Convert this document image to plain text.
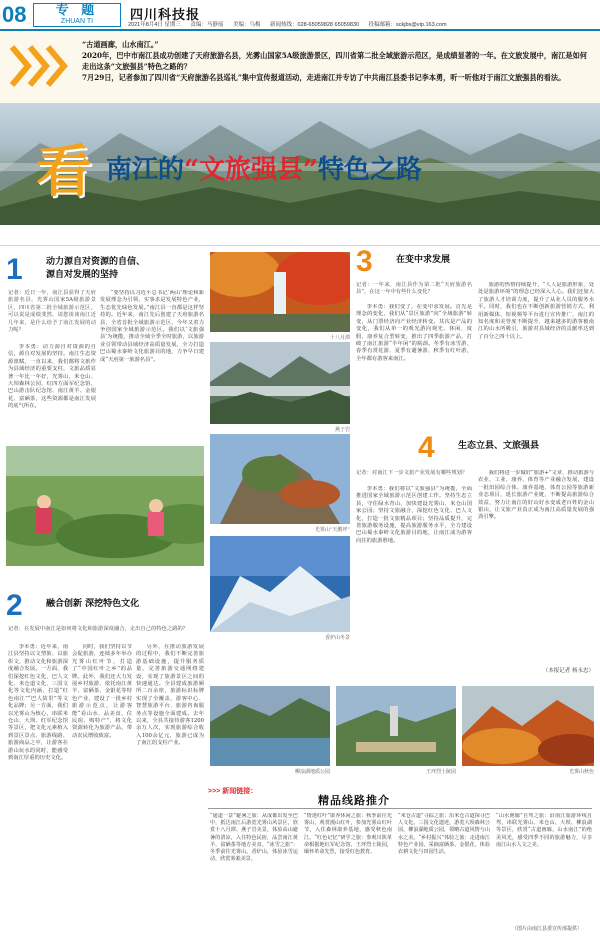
08	专 题
ZHUAN TI	四川科技报
2021年8月4日 星期三 责编：马静瑶 美编：乌梅 新闻热线：028-65059828 65059830 投稿邮箱：sckjbs@vip.163.com

“古道画廊，山水南江。”

2020年，巴中市南江县成功创建了天府旅游名县，光雾山国家5A级旅游景区，四川省第二批全域旅游示范区，是成绩显著的一年。在文旅发展中，南江是如何走出这条“文旅强县”特色之路的？

7月29日，记者参加了四川省“天府旅游名县巡礼”集中宣传报道活动，走进南江并专访了中共南江县委书记李本勇，听一听他对于南江文旅强县的看法。

看 南江的“文旅强县”特色之路
1	动力源自对资源的自信、
源自对发展的坚持
记者：近日一年，南江县获得了天府旅游名县，光雾山国家5A级旅游景区，四川省第二批全域旅游示范区，可以说是成绩斐然，请您谈谈南江近几年来，是什么给予了南江发展的动力呢？

李本勇：动力源自对资源的自信，源自对发展的坚持。南江生态资源禀赋，一直以来，我们都将文旅作为县域经济的重要支柱，文旅品质显著一年比一年好，光雾山、米仓山、大坝森林公园、红四方面军纪念馆、巴山游击队纪念馆、南江黄羊、金银花、富硒茶，这些资源都是南江发展的底气所在。

“要坚持以习近平总书记‘两山’理论和新发展理念为引领，实事求是发展特色产业，生态优先绿色发展。”南江县一直都是这样坚持的。近年来，南江先后创建了天府旅游名县、全省首批全域旅游示范区，今年又着力争创国家全域旅游示范区。我们以‘文旅强县’为统揽，推动全域全季全时旅游，以旅游业引领带动县域经济高质量发展，全力打造巴山蜀水秦岭文化旅游目的地，力争早日建成“天府第一旅游名县”。

2	融合创新 深挖特色文化
记者：在发展中南江是如何将文化和旅游深度融合，走出自己的特色之路的？

李本勇：近年来，南江县坚持以文塑旅、以旅彰文，推动文化和旅游深度融合发展。一方面，我们深挖红色文化、巴人文化、米仓道文化、三国文化等文化内涵，打造“红色南江”“巴人故里”等文化品牌；另一方面，我们以光雾山为核心，串联米仓山、大坝、红军纪念馆等景区，把文化元素植入到景区景点、旅游线路、旅游商品之中，让游客在游山玩水的同时，能感受到南江厚重的历史文化。

同时，我们坚持以节会促旅游，连续多年举办光雾山红叶节，打造了“中国红叶之乡”的品牌。此外，我们还大力发展乡村旅游，依托南江黄羊、富硒茶、金银花等特色产业，建设了一批乡村旅游示范点，让游客能“看山水、品美食、住民宿、购特产”，将文化资源转化为旅游产品，带动农民增收致富。

另外，在推动旅游发展的过程中，我们不断完善旅游基础设施，提升服务质量，完善旅游交通网络建设，实现了旅游景区之间的快速通达。全县建成旅游厕所二百余座，旅游标识标牌实现了全覆盖，游客中心、智慧旅游平台、旅游咨询服务点等设施全面建成。去年以来，全县共接待游客1200余万人次，实现旅游综合收入100余亿元，旅游已成为了南江的支柱产业。

十八月潭
燕子岩
光雾山“天鹅坪”
香炉山冬景
柳浪湖地质公园	王坪烈士陵园	光雾山秋色
3	在变中求发展
记者：一年来，南江县作为第二批“天府旅游名县”，在这一年中有些什么变化？

李本勇：我们变了，在变中求发展。首先是理念的变化，我们从“景区旅游”向“全域旅游”转变，从门票经济向产业经济转变。其次是产品的变化，我们从单一的观光游向观光、休闲、度假、康养复合型转变，推出了四季旅游产品，打破了南江旅游“半年闲”的瓶颈。冬季有冰雪游、春季有赏花游、夏季有避暑游、秋季有红叶游，全年都有游客来南江。

旅游的热情持续提升，“人人是旅游形象，处处是旅游环境”的理念已经深入人心。我们还加大了旅游人才培训力度，提升了从业人员的服务水平。同时，我们也在不断创新旅游营销方式，利用新媒体、短视频等平台进行宣传推广，南江的知名度和美誉度不断提升，越来越多的游客被南江的山水所吸引，旅游对县域经济的贡献率达到了百分之四十以上。

4	生态立县、文旅强县
记者：对南江下一步文旅产业发展有哪些规划？

李本勇：我们将以“文旅强县”为统揽，全面推进国家全域旅游示范区创建工作。坚持生态立县，守住绿水青山，加快建设光雾山、米仓山国家公园；坚持文旅融合，深挖红色文化、巴人文化，打造一批文旅精品项目；坚持品质提升，完善旅游服务设施，提高旅游服务水平，全力建设巴山蜀水秦岭文化旅游目的地，让南江成为游客向往的旅游胜地。

我们将进一步做好“旅游+”文章，推动旅游与农业、工业、康养、体育等产业融合发展，建设一批田园综合体、康养基地、体育公园等旅游新业态项目，延长旅游产业链，不断提高旅游综合效益，努力让南江的好山好水变成老百姓的金山银山，让文旅产业真正成为南江高质量发展的强劲引擎。

（本报记者 杨永忠）
>>> 新闻链接：
精品线路推介
“通道一景”避暑之旅：从成都出发至巴中，抵达南江后游览光雾山风景区，欣赏十八月潭、燕子岩美景，体验高山避暑的清凉，入住特色民宿，品尝南江黄羊、富硒茶等地方美食。“冰雪之旅”：冬季前往光雾山、香炉山，体验冰雪运动，欣赏雾凇美景。
“情迷红叶”康养休闲之旅：秋季前往光雾山，观赏漫山红叶，参加光雾山红叶节，入住森林康养基地，感受秋色南江。“红色记忆”研学之旅：参观川陕革命根据地红军纪念馆、王坪烈士陵园，缅怀革命先烈，接受红色教育。
“米仓古道”寻踪之旅：沿米仓古道探寻巴人文化、三国文化遗迹，游览大坝森林公园、柳浪湖地质公园，领略古道风情与山水之美。“乡村振兴”体验之旅：走进南江特色产业园，采摘富硒茶、金银花，体验农耕文化与田园生活。
“山水画廊”自驾之旅：沿南江旅游环线自驾，串联光雾山、米仓山、大坝、柳浪湖等景区，欣赏“古道画廊，山水南江”的绝美风光，感受四季不同的旅游魅力，尽享南江山水人文之美。
（图片由南江县委宣传部提供）
